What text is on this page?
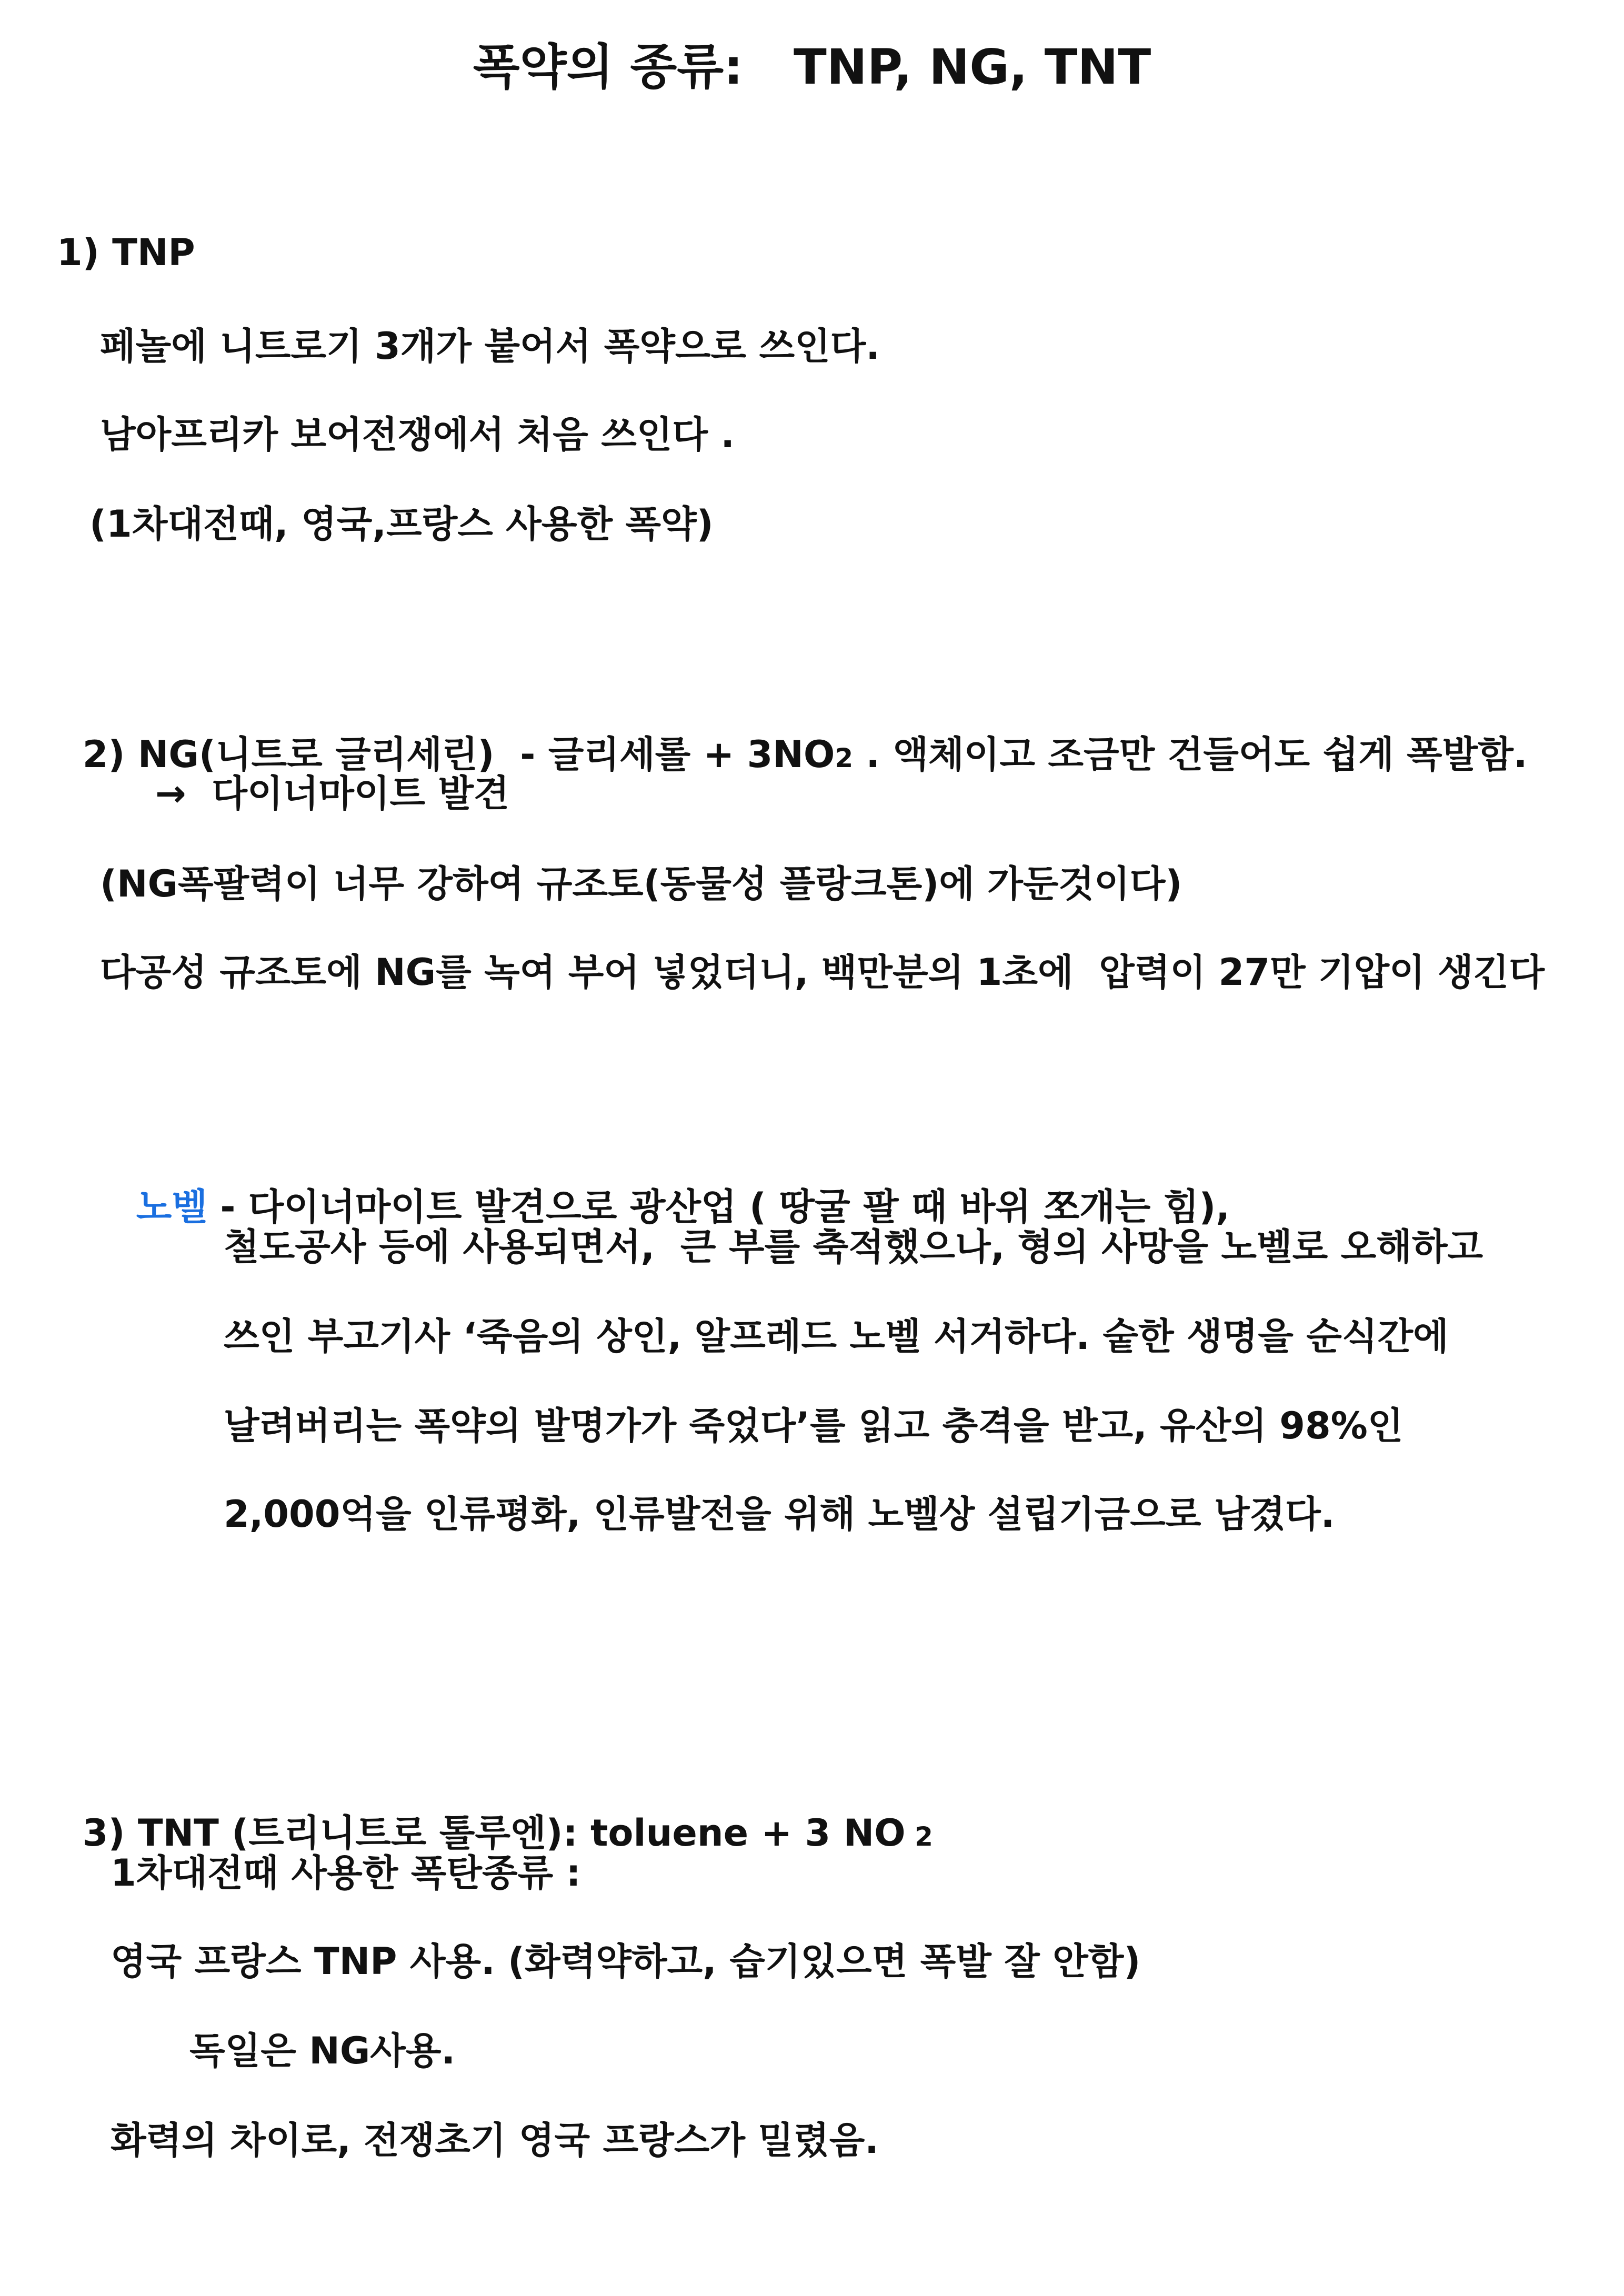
폭약의 종류:   TNP, NG, TNT
1) TNP
페놀에 니트로기 3개가 붙어서 폭약으로 쓰인다.
남아프리카 보어전쟁에서 처음 쓰인다 .
(1차대전때, 영국,프랑스 사용한 폭약)

2) NG(니트로 글리세린)  - 글리세롤 + 3NO2 . 액체이고 조금만 건들어도 쉽게 폭발함.

→  다이너마이트 발견
(NG폭팔력이 너무 강하여 규조토(동물성 플랑크톤)에 가둔것이다)
다공성 규조토에 NG를 녹여 부어 넣었더니, 백만분의 1초에  압력이 27만 기압이 생긴다

노벨 - 다이너마이트 발견으로 광산업 ( 땅굴 팔 때 바위 쪼개는 힘),

철도공사 등에 사용되면서,  큰 부를 축적했으나, 형의 사망을 노벨로 오해하고
쓰인 부고기사 ‘죽음의 상인, 알프레드 노벨 서거하다. 숱한 생명을 순식간에
날려버리는 폭약의 발명가가 죽었다’를 읽고 충격을 받고, 유산의 98%인
2,000억을 인류평화, 인류발전을 위해 노벨상 설립기금으로 남겼다.

3) TNT (트리니트로 톨루엔): toluene + 3 NO 2

1차대전때 사용한 폭탄종류 :
영국 프랑스 TNP 사용. (화력약하고, 습기있으면 폭발 잘 안함)
독일은 NG사용.
화력의 차이로, 전쟁초기 영국 프랑스가 밀렸음.
